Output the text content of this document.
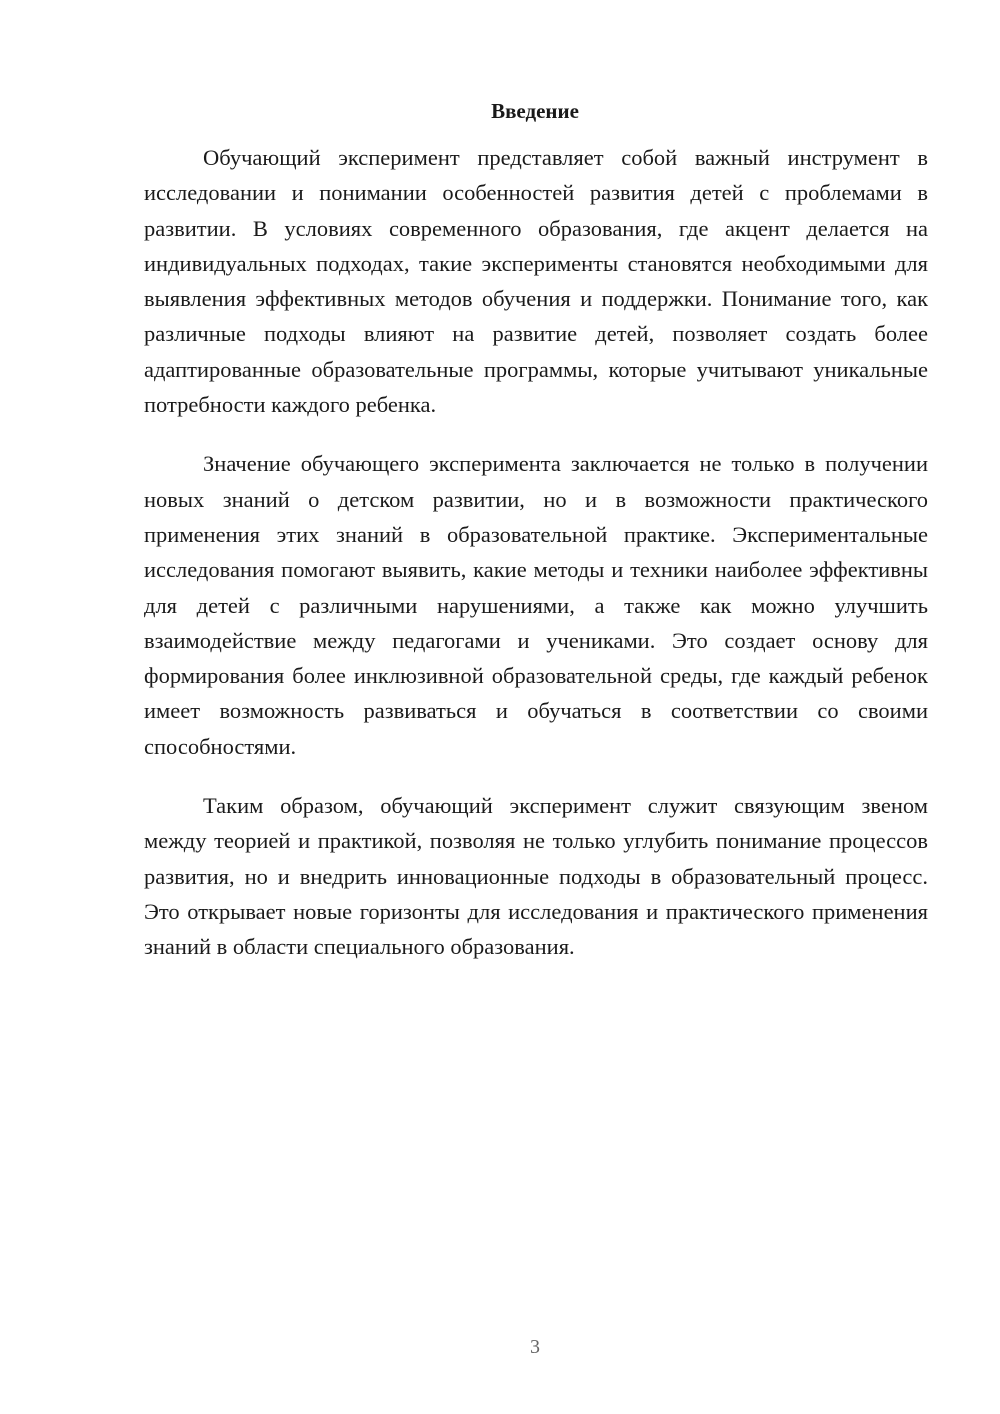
Введение

Обучающий эксперимент представляет собой важный инструмент в исследовании и понимании особенностей развития детей с проблемами в развитии. В условиях современного образования, где акцент делается на индивидуальных подходах, такие эксперименты становятся необходимыми для выявления эффективных методов обучения и поддержки. Понимание того, как различные подходы влияют на развитие детей, позволяет создать более адаптированные образовательные программы, которые учитывают уникальные потребности каждого ребенка.

Значение обучающего эксперимента заключается не только в получении новых знаний о детском развитии, но и в возможности практического применения этих знаний в образовательной практике. Экспериментальные исследования помогают выявить, какие методы и техники наиболее эффективны для детей с различными нарушениями, а также как можно улучшить взаимодействие между педагогами и учениками. Это создает основу для формирования более инклюзивной образовательной среды, где каждый ребенок имеет возможность развиваться и обучаться в соответствии со своими способностями.

Таким образом, обучающий эксперимент служит связующим звеном между теорией и практикой, позволяя не только углубить понимание процессов развития, но и внедрить инновационные подходы в образовательный процесс. Это открывает новые горизонты для исследования и практического применения знаний в области специального образования.

3
